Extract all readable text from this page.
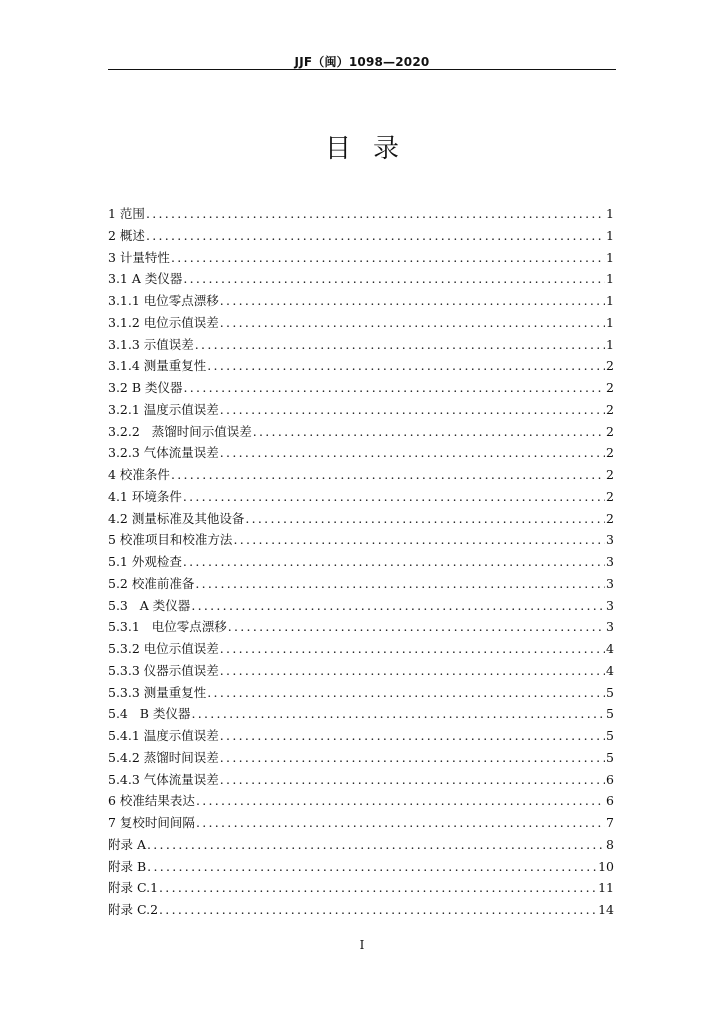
JJF（闽）1098—2020
目录
1 范围 .....	1
2 概述 .....	1
3 计量特性 .....	1
3.1 A 类仪器 .....	1
3.1.1 电位零点漂移 .....	1
3.1.2 电位示值误差 .....	1
3.1.3 示值误差 .....	1
3.1.4 测量重复性 .....	2
3.2 B 类仪器 .....	2
3.2.1 温度示值误差 .....	2
3.2.2   蒸馏时间示值误差 .....	2
3.2.3 气体流量误差 .....	2
4 校准条件 .....	2
4.1 环境条件 .....	2
4.2 测量标准及其他设备 .....	2
5 校准项目和校准方法 .....	3
5.1 外观检查 .....	3
5.2 校准前准备 .....	3
5.3   A 类仪器 .....	3
5.3.1   电位零点漂移 .....	3
5.3.2 电位示值误差 .....	4
5.3.3 仪器示值误差 .....	4
5.3.3 测量重复性 .....	5
5.4   B 类仪器 .....	5
5.4.1 温度示值误差 .....	5
5.4.2 蒸馏时间误差 .....	5
5.4.3 气体流量误差 .....	6
6 校准结果表达 .....	6
7 复校时间间隔 .....	7
附录 A .....	8
附录 B .....	10
附录 C.1 .....	11
附录 C.2 .....	14
I
